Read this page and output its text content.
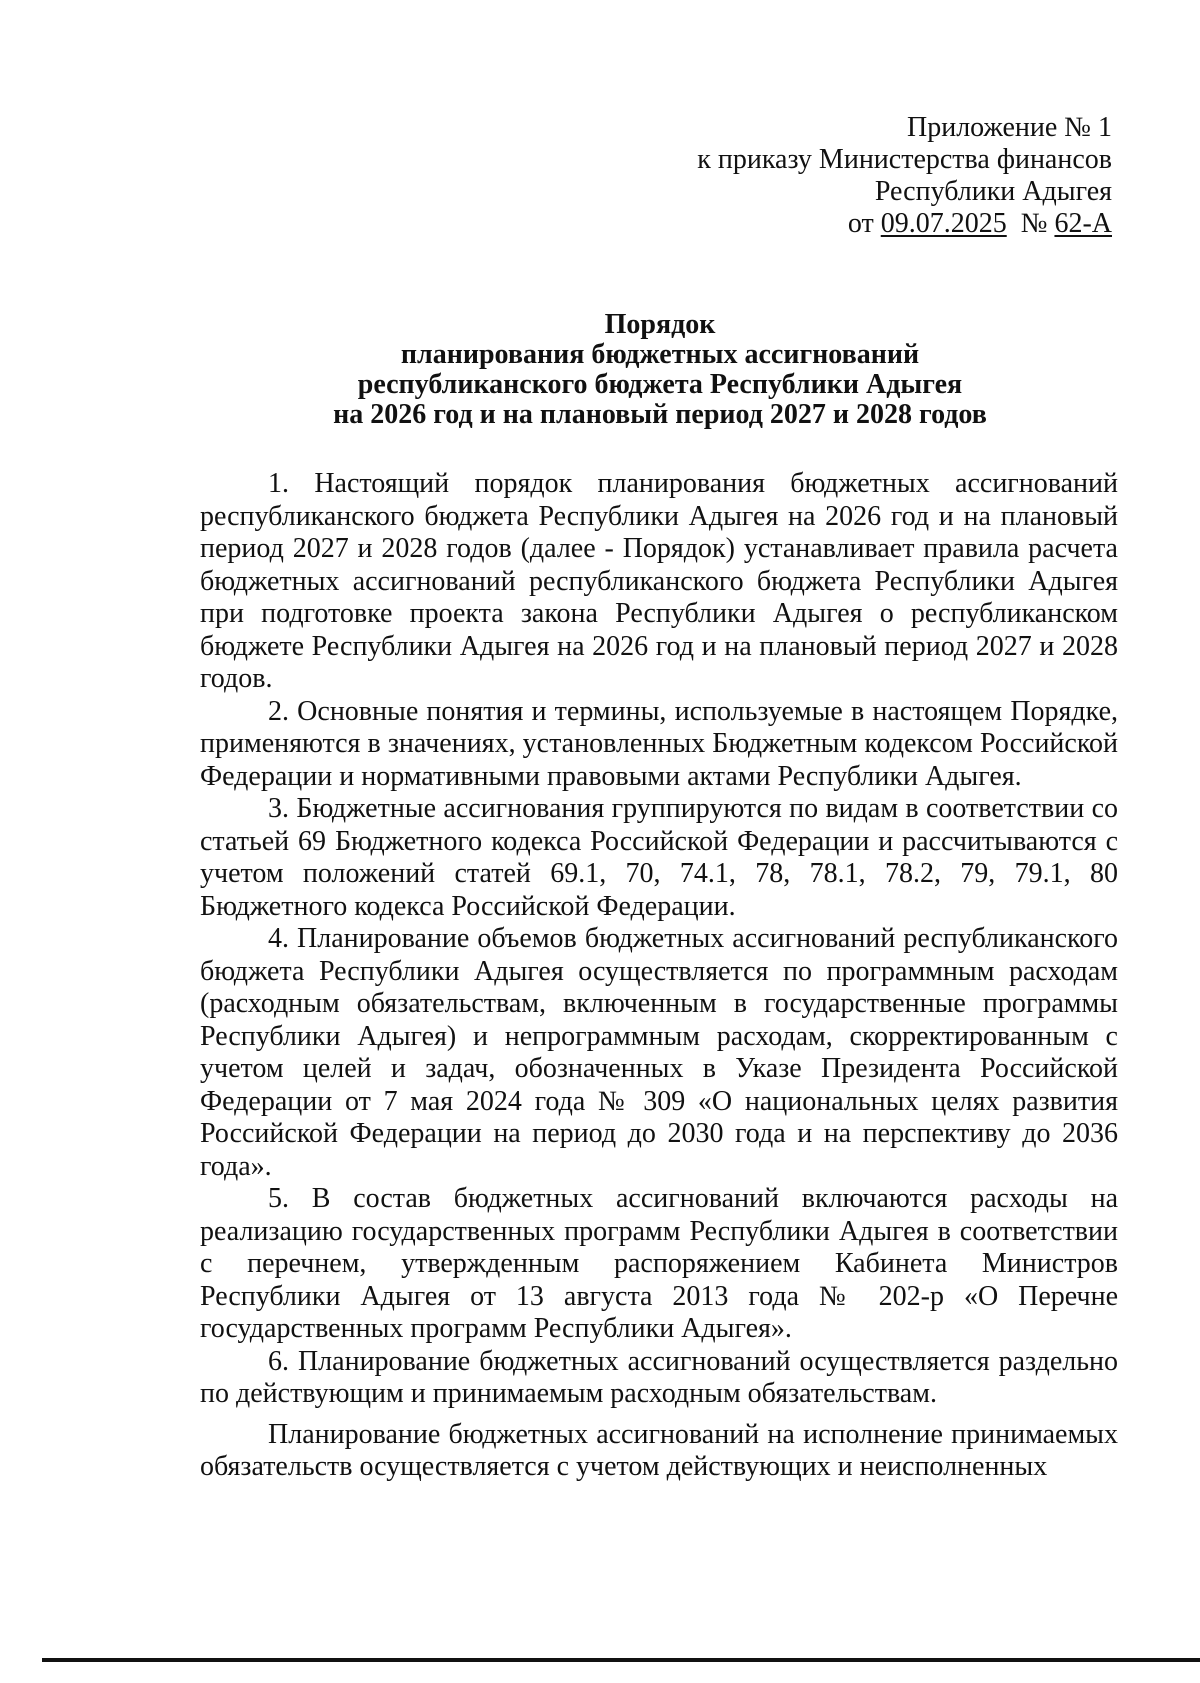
Приложение № 1
к приказу Министерства финансов
Республики Адыгея
от 09.07.2025 № 62-А
Порядок
планирования бюджетных ассигнований
республиканского бюджета Республики Адыгея
на 2026 год и на плановый период 2027 и 2028 годов

1. Настоящий порядок планирования бюджетных ассигнований республиканского бюджета Республики Адыгея на 2026 год и на плановый период 2027 и 2028 годов (далее - Порядок) устанавливает правила расчета бюджетных ассигнований республиканского бюджета Республики Адыгея при подготовке проекта закона Республики Адыгея о республиканском бюджете Республики Адыгея на 2026 год и на плановый период 2027 и 2028 годов.

2. Основные понятия и термины, используемые в настоящем Порядке, применяются в значениях, установленных Бюджетным кодексом Российской Федерации и нормативными правовыми актами Республики Адыгея.

3. Бюджетные ассигнования группируются по видам в соответствии со статьей 69 Бюджетного кодекса Российской Федерации и рассчитываются с учетом положений статей 69.1, 70, 74.1, 78, 78.1, 78.2, 79, 79.1, 80 Бюджетного кодекса Российской Федерации.

4. Планирование объемов бюджетных ассигнований республиканского бюджета Республики Адыгея осуществляется по программным расходам (расходным обязательствам, включенным в государственные программы Республики Адыгея) и непрограммным расходам, скорректированным с учетом целей и задач, обозначенных в Указе Президента Российской Федерации от 7 мая 2024 года № 309 «О национальных целях развития Российской Федерации на период до 2030 года и на перспективу до 2036 года».

5. В состав бюджетных ассигнований включаются расходы на реализацию государственных программ Республики Адыгея в соответствии с перечнем, утвержденным распоряжением Кабинета Министров Республики Адыгея от 13 августа 2013 года № 202-р «О Перечне государственных программ Республики Адыгея».

6. Планирование бюджетных ассигнований осуществляется раздельно по действующим и принимаемым расходным обязательствам.

Планирование бюджетных ассигнований на исполнение принимаемых обязательств осуществляется с учетом действующих и неисполненных
